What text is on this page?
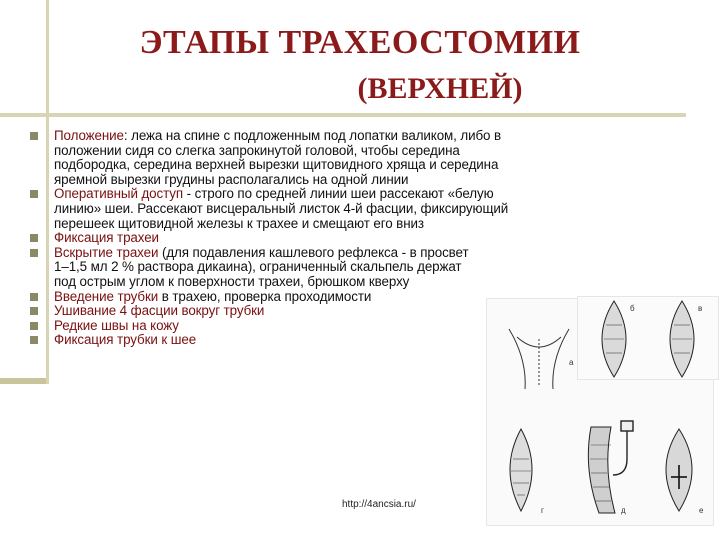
ЭТАПЫ ТРАХЕОСТОМИИ
(ВЕРХНЕЙ)
Положение: лежа на спине с подложенным под лопатки валиком, либо в положении сидя со слегка запрокинутой головой, чтобы середина подбородка, середина верхней вырезки щитовидного хряща и середина яремной вырезки грудины располагались на одной линии
Оперативный доступ - строго по средней линии шеи рассекают «белую линию» шеи. Рассекают висцеральный листок 4-й фасции, фиксирующий перешеек щитовидной железы к трахее и смещают его вниз
Фиксация трахеи
Вскрытие трахеи (для подавления кашлевого рефлекса - в просвет 1–1,5 мл 2 % раствора дикаина), ограниченный скальпель держат под острым углом к поверхности трахеи, брюшком кверху
Введение трубки в трахею, проверка проходимости
Ушивание 4 фасции вокруг трубки
Редкие швы на кожу
Фиксация трубки к шее
а
г	д	е
б	в
http://4ancsia.ru/
